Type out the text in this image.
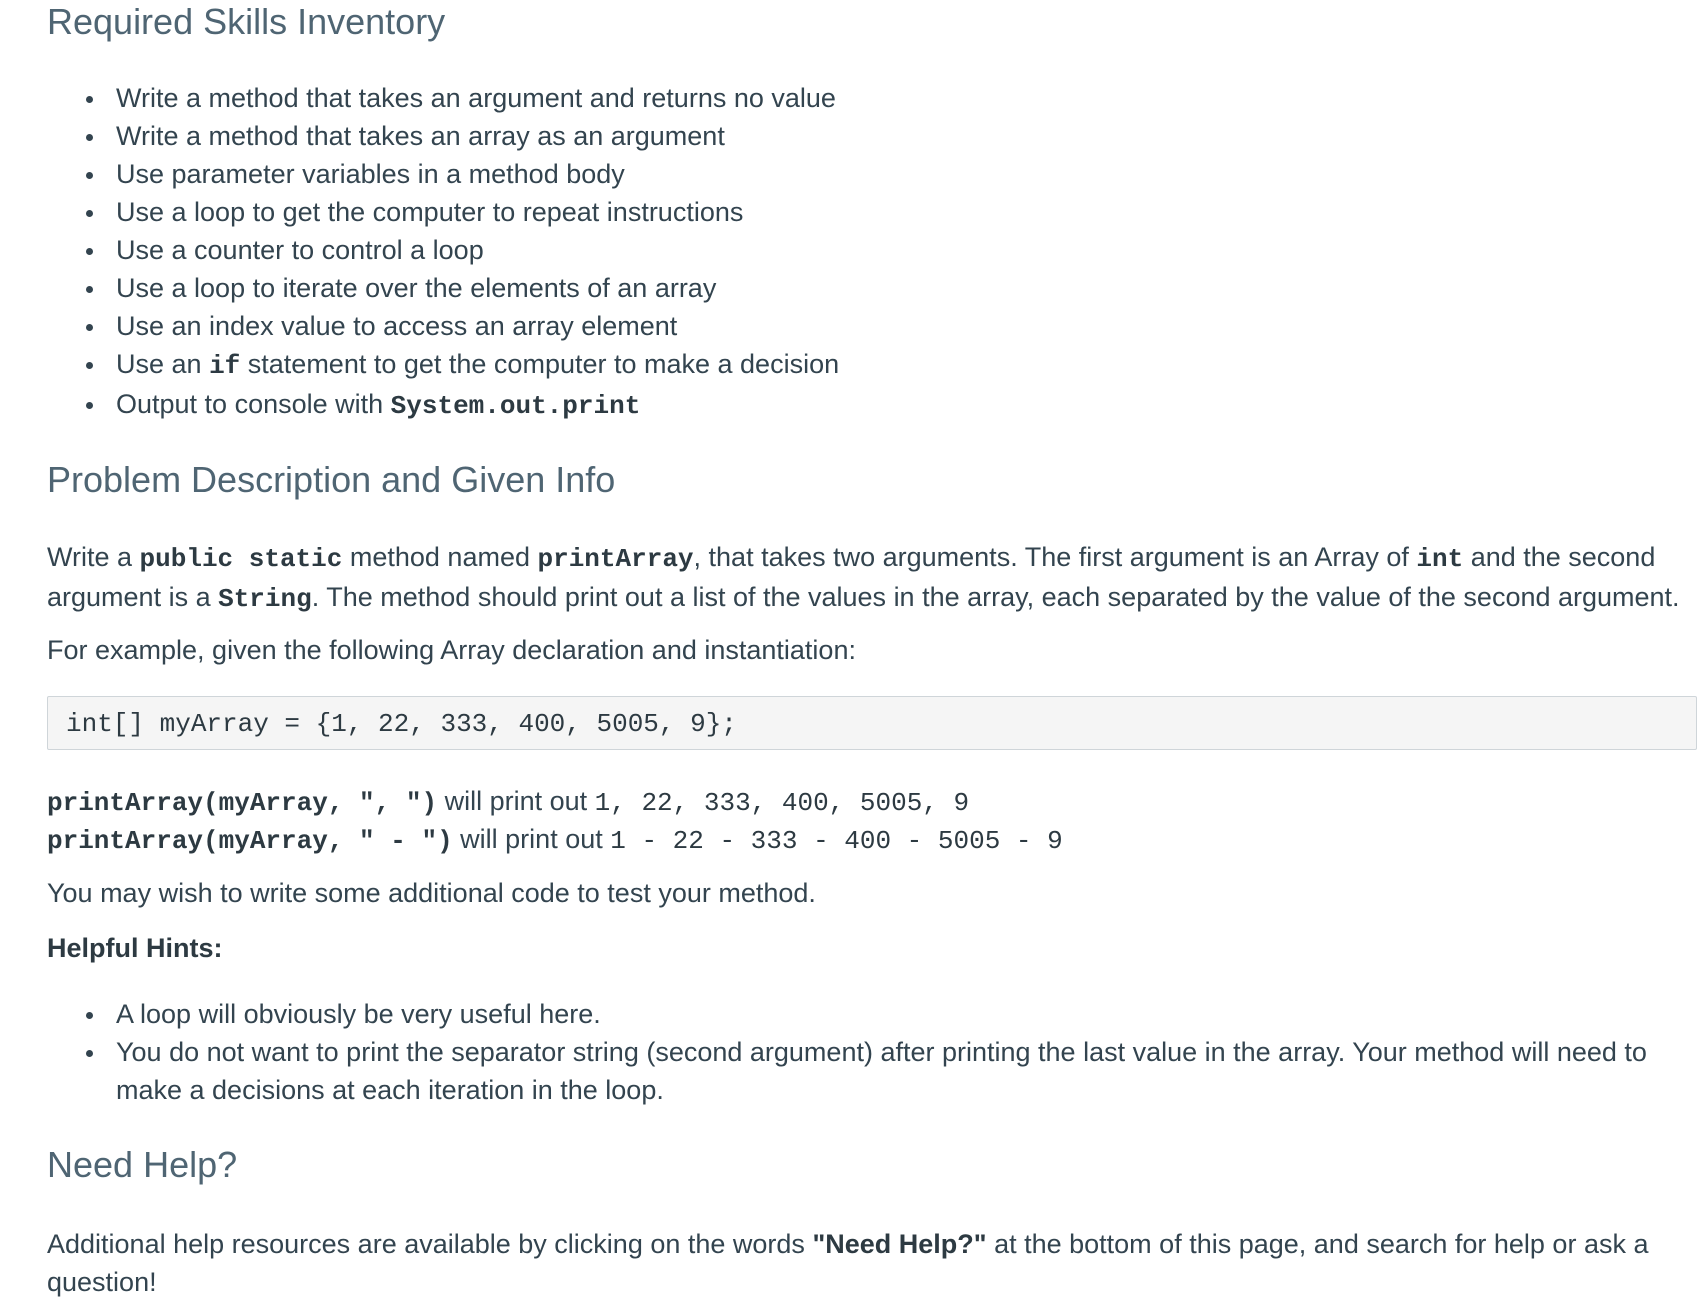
Required Skills Inventory
Write a method that takes an argument and returns no value
Write a method that takes an array as an argument
Use parameter variables in a method body
Use a loop to get the computer to repeat instructions
Use a counter to control a loop
Use a loop to iterate over the elements of an array
Use an index value to access an array element
Use an if statement to get the computer to make a decision
Output to console with System.out.print
Problem Description and Given Info

Write a public static method named printArray, that takes two arguments. The first argument is an Array of int and the second argument is a String. The method should print out a list of the values in the array, each separated by the value of the second argument.

For example, given the following Array declaration and instantiation:

int[] myArray = {1, 22, 333, 400, 5005, 9};

printArray(myArray, ", ") will print out 1, 22, 333, 400, 5005, 9

printArray(myArray, " - ") will print out 1 - 22 - 333 - 400 - 5005 - 9

You may wish to write some additional code to test your method.

Helpful Hints:

A loop will obviously be very useful here.
You do not want to print the separator string (second argument) after printing the last value in the array. Your method will need to make a decisions at each iteration in the loop.
Need Help?

Additional help resources are available by clicking on the words "Need Help?" at the bottom of this page, and search for help or ask a question!
